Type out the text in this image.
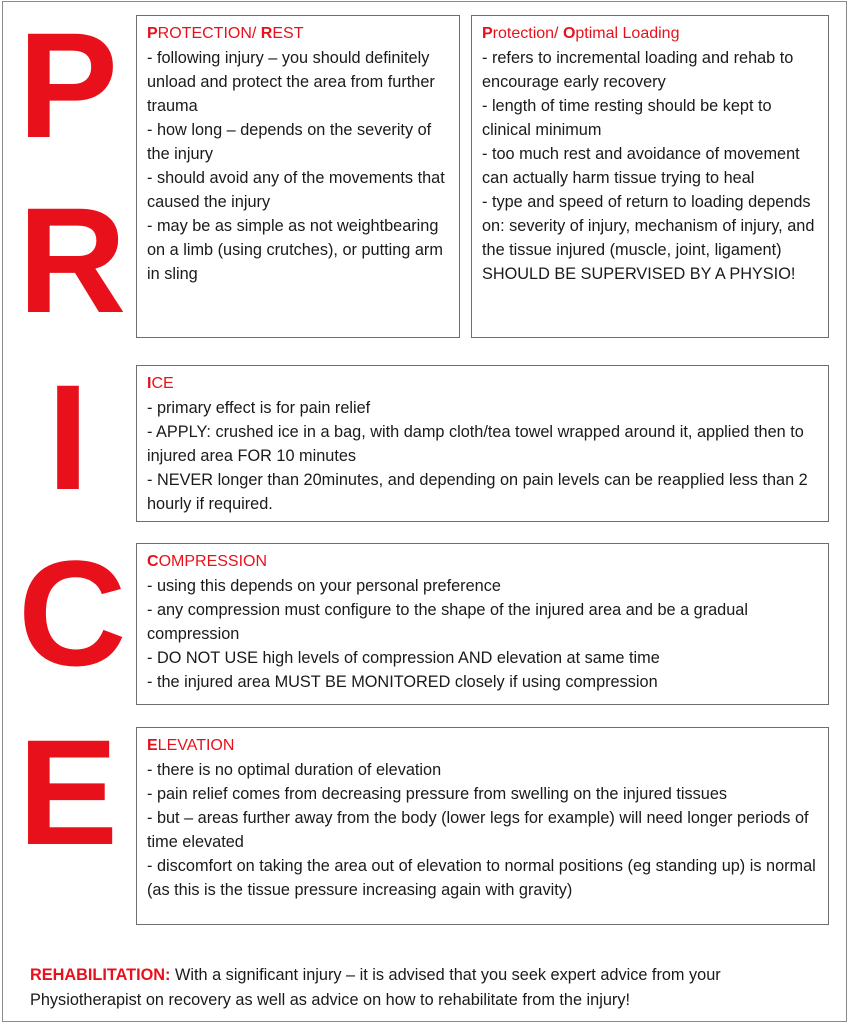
P
R
I
C
E
PROTECTION/ REST
- following injury – you should definitely unload and protect the area from further trauma
- how long – depends on the severity of the injury
- should avoid any of the movements that caused the injury
- may be as simple as not weightbearing on a limb (using crutches), or putting arm in sling
Protection/ Optimal Loading
- refers to incremental loading and rehab to encourage early recovery
- length of time resting should be kept to clinical minimum
- too much rest and avoidance of movement can actually harm tissue trying to heal
- type and speed of return to loading depends on: severity of injury, mechanism of injury, and the tissue injured (muscle, joint, ligament)
SHOULD BE SUPERVISED BY A PHYSIO!
ICE
- primary effect is for pain relief
- APPLY: crushed ice in a bag, with damp cloth/tea towel wrapped around it, applied then to injured area FOR 10 minutes
- NEVER longer than 20minutes, and depending on pain levels can be reapplied less than 2 hourly if required.
COMPRESSION
- using this depends on your personal preference
- any compression must configure to the shape of the injured area and be a gradual compression
- DO NOT USE high levels of compression AND elevation at same time
- the injured area MUST BE MONITORED closely if using compression
ELEVATION
- there is no optimal duration of elevation
- pain relief comes from decreasing pressure from swelling on the injured tissues
- but – areas further away from the body (lower legs for example) will need longer periods of time elevated
- discomfort on taking the area out of elevation to normal positions (eg standing up) is normal (as this is the tissue pressure increasing again with gravity)
REHABILITATION: With a significant injury – it is advised that you seek expert advice from your Physiotherapist on recovery as well as advice on how to rehabilitate from the injury!
